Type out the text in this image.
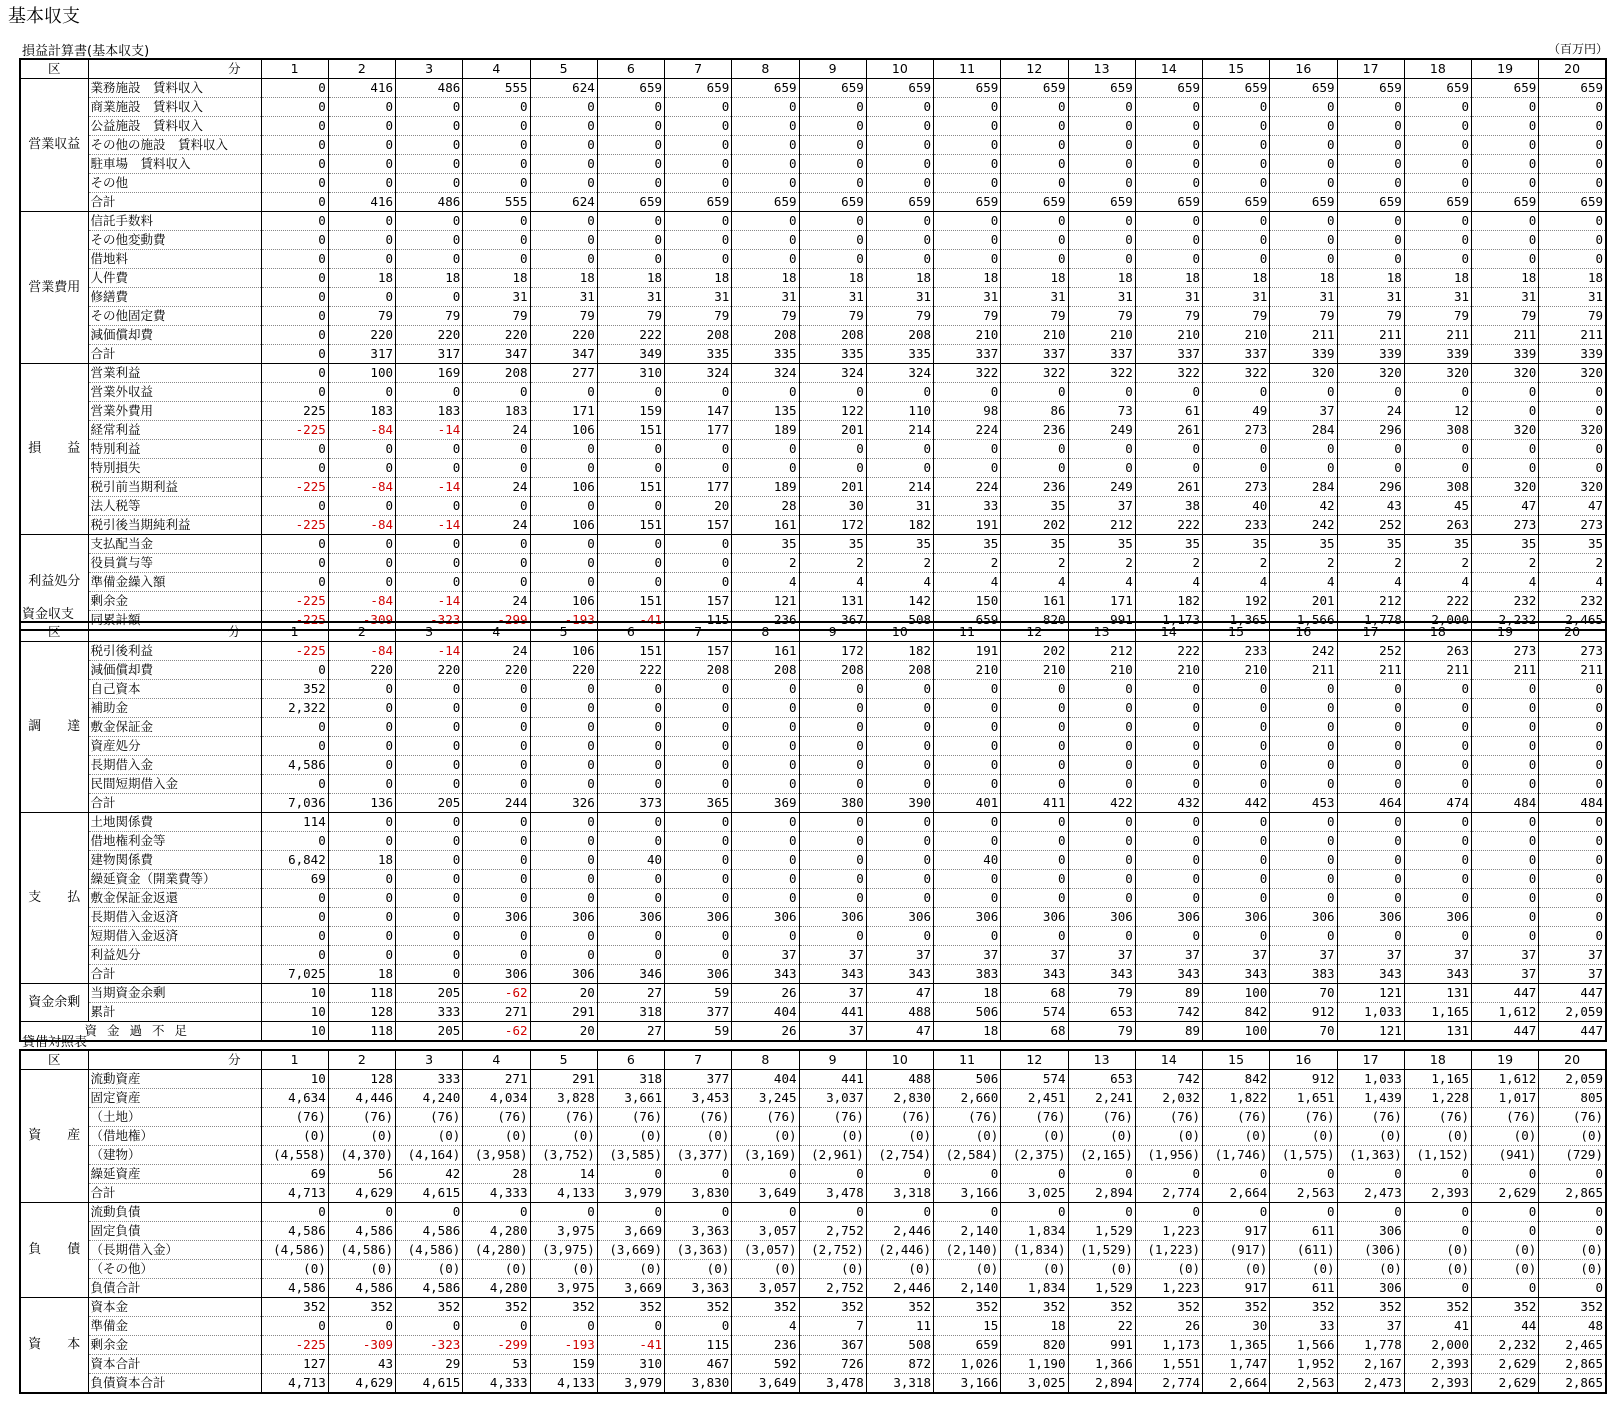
基本収支
（百万円）
損益計算書(基本収支)
区	分	1	2	3	4	5	6	7	8	9	10	11	12	13	14	15	16	17	18	19	20
営業収益	業務施設　賃料収入	0	416	486	555	624	659	659	659	659	659	659	659	659	659	659	659	659	659	659	659
	商業施設　賃料収入	0	0	0	0	0	0	0	0	0	0	0	0	0	0	0	0	0	0	0	0
	公益施設　賃料収入	0	0	0	0	0	0	0	0	0	0	0	0	0	0	0	0	0	0	0	0
	その他の施設　賃料収入	0	0	0	0	0	0	0	0	0	0	0	0	0	0	0	0	0	0	0	0
	駐車場　賃料収入	0	0	0	0	0	0	0	0	0	0	0	0	0	0	0	0	0	0	0	0
	その他	0	0	0	0	0	0	0	0	0	0	0	0	0	0	0	0	0	0	0	0
	合計	0	416	486	555	624	659	659	659	659	659	659	659	659	659	659	659	659	659	659	659
営業費用	信託手数料	0	0	0	0	0	0	0	0	0	0	0	0	0	0	0	0	0	0	0	0
	その他変動費	0	0	0	0	0	0	0	0	0	0	0	0	0	0	0	0	0	0	0	0
	借地料	0	0	0	0	0	0	0	0	0	0	0	0	0	0	0	0	0	0	0	0
	人件費	0	18	18	18	18	18	18	18	18	18	18	18	18	18	18	18	18	18	18	18
	修繕費	0	0	0	31	31	31	31	31	31	31	31	31	31	31	31	31	31	31	31	31
	その他固定費	0	79	79	79	79	79	79	79	79	79	79	79	79	79	79	79	79	79	79	79
	減価償却費	0	220	220	220	220	222	208	208	208	208	210	210	210	210	210	211	211	211	211	211
	合計	0	317	317	347	347	349	335	335	335	335	337	337	337	337	337	339	339	339	339	339
損　　益	営業利益	0	100	169	208	277	310	324	324	324	324	322	322	322	322	322	320	320	320	320	320
	営業外収益	0	0	0	0	0	0	0	0	0	0	0	0	0	0	0	0	0	0	0	0
	営業外費用	225	183	183	183	171	159	147	135	122	110	98	86	73	61	49	37	24	12	0	0
	経常利益	-225	-84	-14	24	106	151	177	189	201	214	224	236	249	261	273	284	296	308	320	320
	特別利益	0	0	0	0	0	0	0	0	0	0	0	0	0	0	0	0	0	0	0	0
	特別損失	0	0	0	0	0	0	0	0	0	0	0	0	0	0	0	0	0	0	0	0
	税引前当期利益	-225	-84	-14	24	106	151	177	189	201	214	224	236	249	261	273	284	296	308	320	320
	法人税等	0	0	0	0	0	0	20	28	30	31	33	35	37	38	40	42	43	45	47	47
	税引後当期純利益	-225	-84	-14	24	106	151	157	161	172	182	191	202	212	222	233	242	252	263	273	273
利益処分	支払配当金	0	0	0	0	0	0	0	35	35	35	35	35	35	35	35	35	35	35	35	35
	役員賞与等	0	0	0	0	0	0	0	2	2	2	2	2	2	2	2	2	2	2	2	2
	準備金繰入額	0	0	0	0	0	0	0	4	4	4	4	4	4	4	4	4	4	4	4	4
	剰余金	-225	-84	-14	24	106	151	157	121	131	142	150	161	171	182	192	201	212	222	232	232
	同累計額	-225	-309	-323	-299	-193	-41	115	236	367	508	659	820	991	1,173	1,365	1,566	1,778	2,000	2,232	2,465
資金収支
区	分	1	2	3	4	5	6	7	8	9	10	11	12	13	14	15	16	17	18	19	20
調　　達	税引後利益	-225	-84	-14	24	106	151	157	161	172	182	191	202	212	222	233	242	252	263	273	273
	減価償却費	0	220	220	220	220	222	208	208	208	208	210	210	210	210	210	211	211	211	211	211
	自己資本	352	0	0	0	0	0	0	0	0	0	0	0	0	0	0	0	0	0	0	0
	補助金	2,322	0	0	0	0	0	0	0	0	0	0	0	0	0	0	0	0	0	0	0
	敷金保証金	0	0	0	0	0	0	0	0	0	0	0	0	0	0	0	0	0	0	0	0
	資産処分	0	0	0	0	0	0	0	0	0	0	0	0	0	0	0	0	0	0	0	0
	長期借入金	4,586	0	0	0	0	0	0	0	0	0	0	0	0	0	0	0	0	0	0	0
	民間短期借入金	0	0	0	0	0	0	0	0	0	0	0	0	0	0	0	0	0	0	0	0
	合計	7,036	136	205	244	326	373	365	369	380	390	401	411	422	432	442	453	464	474	484	484
支　　払	土地関係費	114	0	0	0	0	0	0	0	0	0	0	0	0	0	0	0	0	0	0	0
	借地権利金等	0	0	0	0	0	0	0	0	0	0	0	0	0	0	0	0	0	0	0	0
	建物関係費	6,842	18	0	0	0	40	0	0	0	0	40	0	0	0	0	0	0	0	0	0
	繰延資金（開業費等）	69	0	0	0	0	0	0	0	0	0	0	0	0	0	0	0	0	0	0	0
	敷金保証金返還	0	0	0	0	0	0	0	0	0	0	0	0	0	0	0	0	0	0	0	0
	長期借入金返済	0	0	0	306	306	306	306	306	306	306	306	306	306	306	306	306	306	306	0	0
	短期借入金返済	0	0	0	0	0	0	0	0	0	0	0	0	0	0	0	0	0	0	0	0
	利益処分	0	0	0	0	0	0	0	37	37	37	37	37	37	37	37	37	37	37	37	37
	合計	7,025	18	0	306	306	346	306	343	343	343	383	343	343	343	343	383	343	343	37	37
資金余剰	当期資金余剰	10	118	205	-62	20	27	59	26	37	47	18	68	79	89	100	70	121	131	447	447
	累計	10	128	333	271	291	318	377	404	441	488	506	574	653	742	842	912	1,033	1,165	1,612	2,059
資金過不足		10	118	205	-62	20	27	59	26	37	47	18	68	79	89	100	70	121	131	447	447
貸借対照表
区	分	1	2	3	4	5	6	7	8	9	10	11	12	13	14	15	16	17	18	19	20
資　　産	流動資産	10	128	333	271	291	318	377	404	441	488	506	574	653	742	842	912	1,033	1,165	1,612	2,059
	固定資産	4,634	4,446	4,240	4,034	3,828	3,661	3,453	3,245	3,037	2,830	2,660	2,451	2,241	2,032	1,822	1,651	1,439	1,228	1,017	805
	（土地）	(76)	(76)	(76)	(76)	(76)	(76)	(76)	(76)	(76)	(76)	(76)	(76)	(76)	(76)	(76)	(76)	(76)	(76)	(76)	(76)
	（借地権）	(0)	(0)	(0)	(0)	(0)	(0)	(0)	(0)	(0)	(0)	(0)	(0)	(0)	(0)	(0)	(0)	(0)	(0)	(0)	(0)
	（建物）	(4,558)	(4,370)	(4,164)	(3,958)	(3,752)	(3,585)	(3,377)	(3,169)	(2,961)	(2,754)	(2,584)	(2,375)	(2,165)	(1,956)	(1,746)	(1,575)	(1,363)	(1,152)	(941)	(729)
	繰延資産	69	56	42	28	14	0	0	0	0	0	0	0	0	0	0	0	0	0	0	0
	合計	4,713	4,629	4,615	4,333	4,133	3,979	3,830	3,649	3,478	3,318	3,166	3,025	2,894	2,774	2,664	2,563	2,473	2,393	2,629	2,865
負　　債	流動負債	0	0	0	0	0	0	0	0	0	0	0	0	0	0	0	0	0	0	0	0
	固定負債	4,586	4,586	4,586	4,280	3,975	3,669	3,363	3,057	2,752	2,446	2,140	1,834	1,529	1,223	917	611	306	0	0	0
	（長期借入金）	(4,586)	(4,586)	(4,586)	(4,280)	(3,975)	(3,669)	(3,363)	(3,057)	(2,752)	(2,446)	(2,140)	(1,834)	(1,529)	(1,223)	(917)	(611)	(306)	(0)	(0)	(0)
	（その他）	(0)	(0)	(0)	(0)	(0)	(0)	(0)	(0)	(0)	(0)	(0)	(0)	(0)	(0)	(0)	(0)	(0)	(0)	(0)	(0)
	負債合計	4,586	4,586	4,586	4,280	3,975	3,669	3,363	3,057	2,752	2,446	2,140	1,834	1,529	1,223	917	611	306	0	0	0
資　　本	資本金	352	352	352	352	352	352	352	352	352	352	352	352	352	352	352	352	352	352	352	352
	準備金	0	0	0	0	0	0	0	4	7	11	15	18	22	26	30	33	37	41	44	48
	剰余金	-225	-309	-323	-299	-193	-41	115	236	367	508	659	820	991	1,173	1,365	1,566	1,778	2,000	2,232	2,465
	資本合計	127	43	29	53	159	310	467	592	726	872	1,026	1,190	1,366	1,551	1,747	1,952	2,167	2,393	2,629	2,865
	負債資本合計	4,713	4,629	4,615	4,333	4,133	3,979	3,830	3,649	3,478	3,318	3,166	3,025	2,894	2,774	2,664	2,563	2,473	2,393	2,629	2,865
